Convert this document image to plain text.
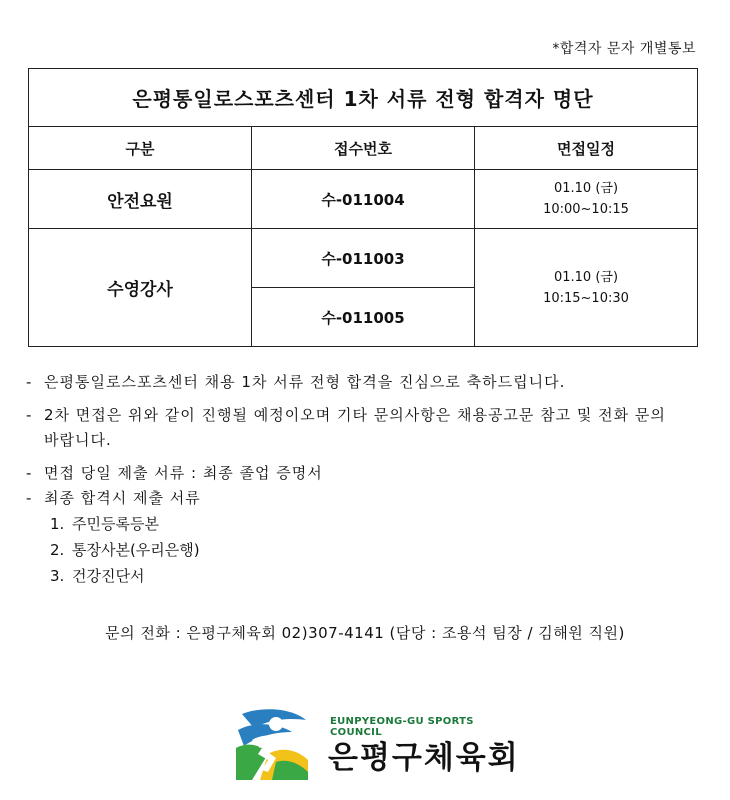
*합격자 문자 개별통보
은평통일로스포츠센터 1차 서류 전형 합격자 명단		
구분	접수번호	면접일정
안전요원	수-011004	01.10 (금)
10:00~10:15

수영강사	수-011003	01.10 (금)
10:15~10:30

	수-011005	
- 은평통일로스포츠센터 채용 1차 서류 전형 합격을 진심으로 축하드립니다.
- 2차 면접은 위와 같이 진행될 예정이오며 기타 문의사항은 채용공고문 참고 및 전화 문의 바랍니다.
- 면접 당일 제출 서류 : 최종 졸업 증명서
- 최종 합격시 제출 서류
1. 주민등록등본
2. 통장사본(우리은행)
3. 건강진단서
문의 전화 : 은평구체육회 02)307-4141 (담당 : 조용석 팀장 / 김해원 직원)
EUNPYEONG-GU SPORTS COUNCIL
은평구체육회
